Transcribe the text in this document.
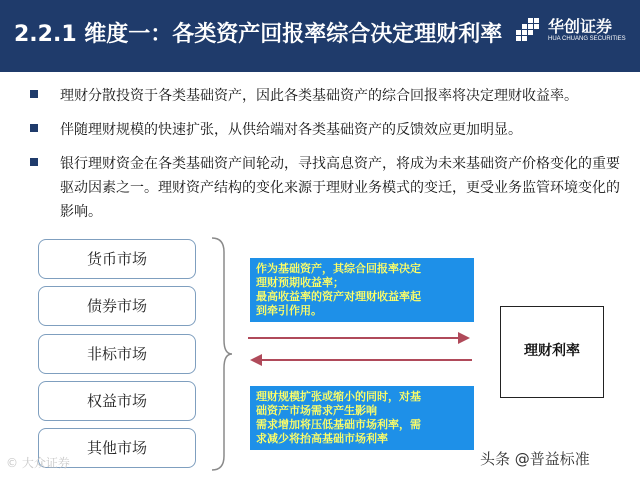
2.2.1 维度一：各类资产回报率综合决定理财利率	华创证券
HUA CHUANG SECURITIES
理财分散投资于各类基础资产，因此各类基础资产的综合回报率将决定理财收益率。
伴随理财规模的快速扩张，从供给端对各类基础资产的反馈效应更加明显。
银行理财资金在各类基础资产间轮动，寻找高息资产，将成为未来基础资产价格变化的重要驱动因素之一。理财资产结构的变化来源于理财业务模式的变迁，更受业务监管环境变化的影响。
货币市场
债券市场
非标市场
权益市场
其他市场
作为基础资产，其综合回报率决定
理财预期收益率；
最高收益率的资产对理财收益率起
到牵引作用。
理财规模扩张或缩小的同时，对基
础资产市场需求产生影响
需求增加将压低基础市场利率，需
求减少将抬高基础市场利率
理财利率
© 大众证券	头条 @普益标准
